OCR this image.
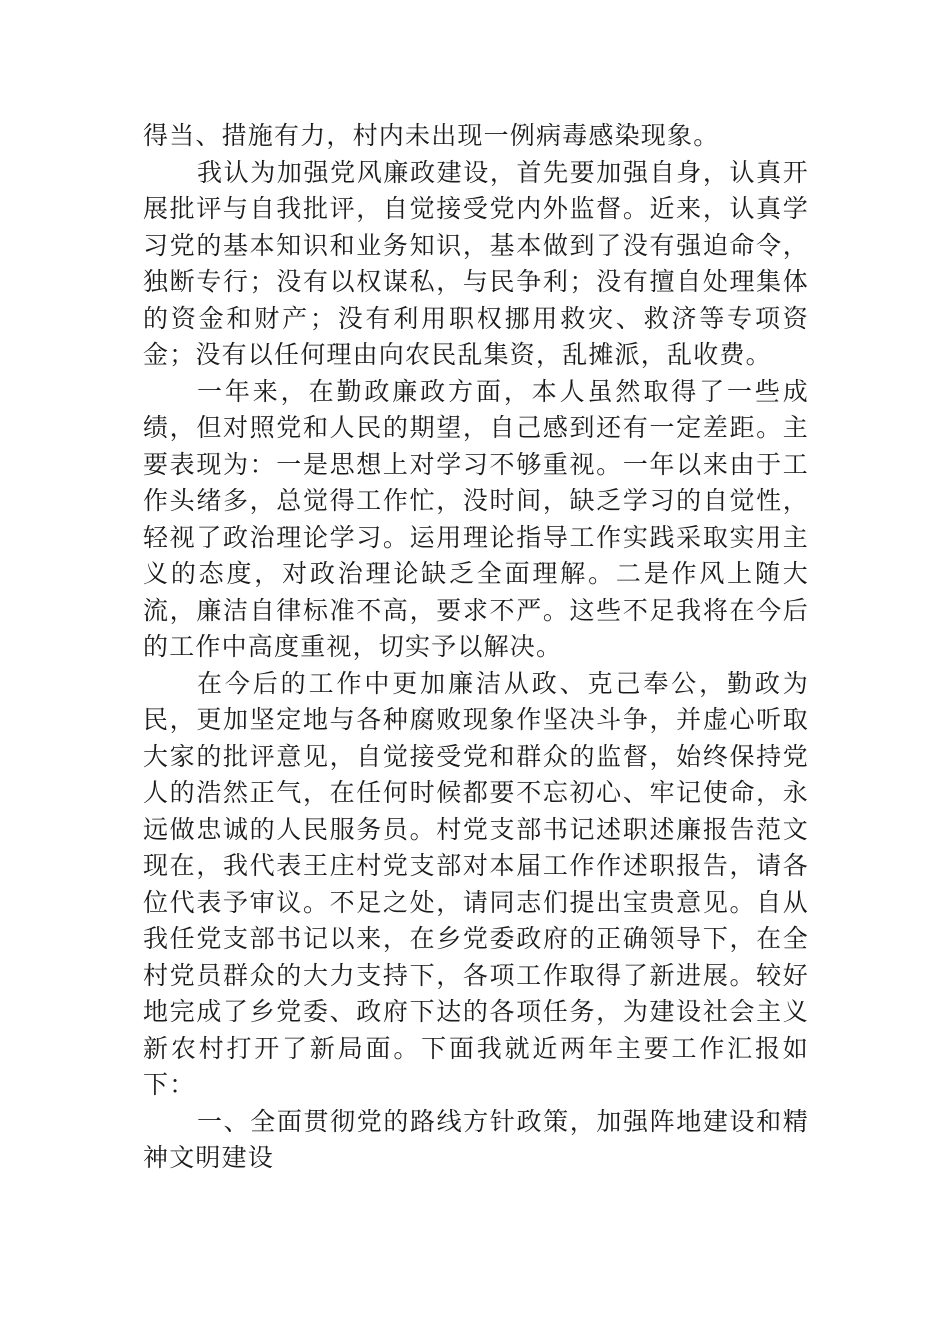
得当、措施有力，村内未出现一例病毒感染现象。

我认为加强党风廉政建设，首先要加强自身，认真开展批评与自我批评，自觉接受党内外监督。近来，认真学习党的基本知识和业务知识，基本做到了没有强迫命令，独断专行；没有以权谋私，与民争利；没有擅自处理集体的资金和财产；没有利用职权挪用救灾、救济等专项资金；没有以任何理由向农民乱集资，乱摊派，乱收费。

一年来，在勤政廉政方面，本人虽然取得了一些成绩，但对照党和人民的期望，自己感到还有一定差距。主要表现为：一是思想上对学习不够重视。一年以来由于工作头绪多，总觉得工作忙，没时间，缺乏学习的自觉性，轻视了政治理论学习。运用理论指导工作实践采取实用主义的态度，对政治理论缺乏全面理解。二是作风上随大流，廉洁自律标准不高，要求不严。这些不足我将在今后的工作中高度重视，切实予以解决。

在今后的工作中更加廉洁从政、克己奉公，勤政为民，更加坚定地与各种腐败现象作坚决斗争，并虚心听取大家的批评意见，自觉接受党和群众的监督，始终保持党人的浩然正气，在任何时候都要不忘初心、牢记使命，永远做忠诚的人民服务员。村党支部书记述职述廉报告范文现在，我代表王庄村党支部对本届工作作述职报告，请各位代表予审议。不足之处，请同志们提出宝贵意见。自从我任党支部书记以来，在乡党委政府的正确领导下，在全村党员群众的大力支持下，各项工作取得了新进展。较好地完成了乡党委、政府下达的各项任务，为建设社会主义新农村打开了新局面。下面我就近两年主要工作汇报如下：

一、全面贯彻党的路线方针政策，加强阵地建设和精神文明建设
